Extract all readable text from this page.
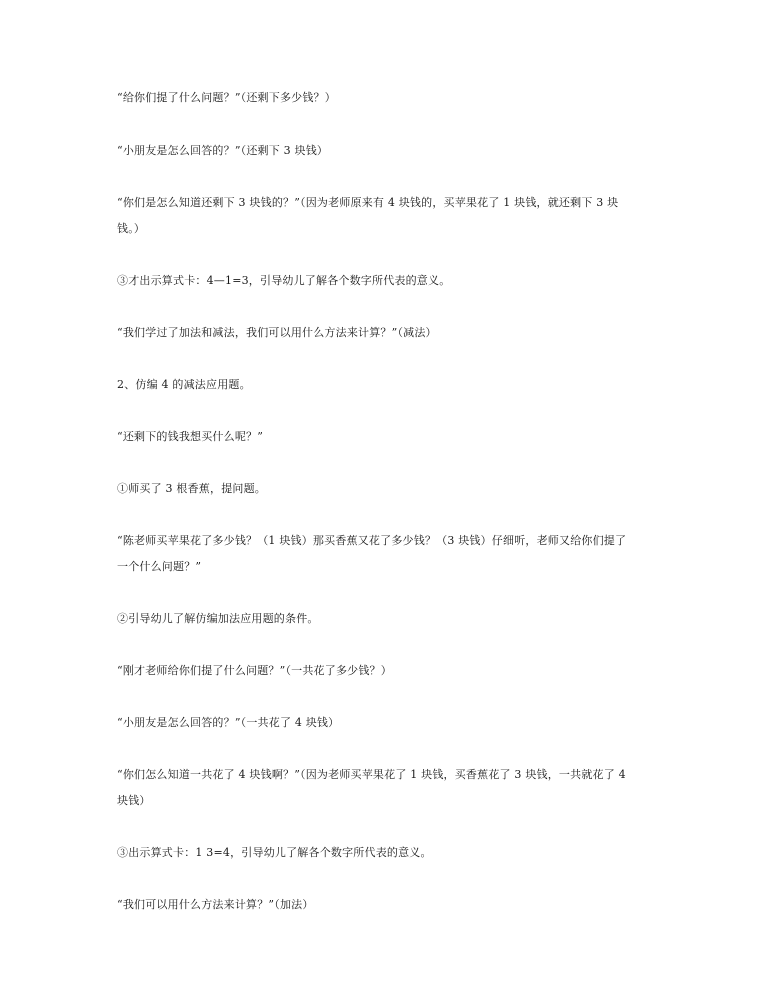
“给你们提了什么问题？”（还剩下多少钱？）
“小朋友是怎么回答的？”（还剩下 3 块钱）
“你们是怎么知道还剩下 3 块钱的？”（因为老师原来有 4 块钱的，买苹果花了 1 块钱，就还剩下 3 块
钱。）
③才出示算式卡：4—1=3，引导幼儿了解各个数字所代表的意义。
“我们学过了加法和减法，我们可以用什么方法来计算？”（减法）
2、仿编 4 的减法应用题。
“还剩下的钱我想买什么呢？”
①师买了 3 根香蕉，提问题。
“陈老师买苹果花了多少钱？（1 块钱）那买香蕉又花了多少钱？（3 块钱）仔细听，老师又给你们提了
一个什么问题？”
②引导幼儿了解仿编加法应用题的条件。
“刚才老师给你们提了什么问题？”（一共花了多少钱？）
“小朋友是怎么回答的？”（一共花了 4 块钱）
“你们怎么知道一共花了 4 块钱啊？”（因为老师买苹果花了 1 块钱，买香蕉花了 3 块钱，一共就花了 4
块钱）
③出示算式卡：1 3=4，引导幼儿了解各个数字所代表的意义。
“我们可以用什么方法来计算？”（加法）
